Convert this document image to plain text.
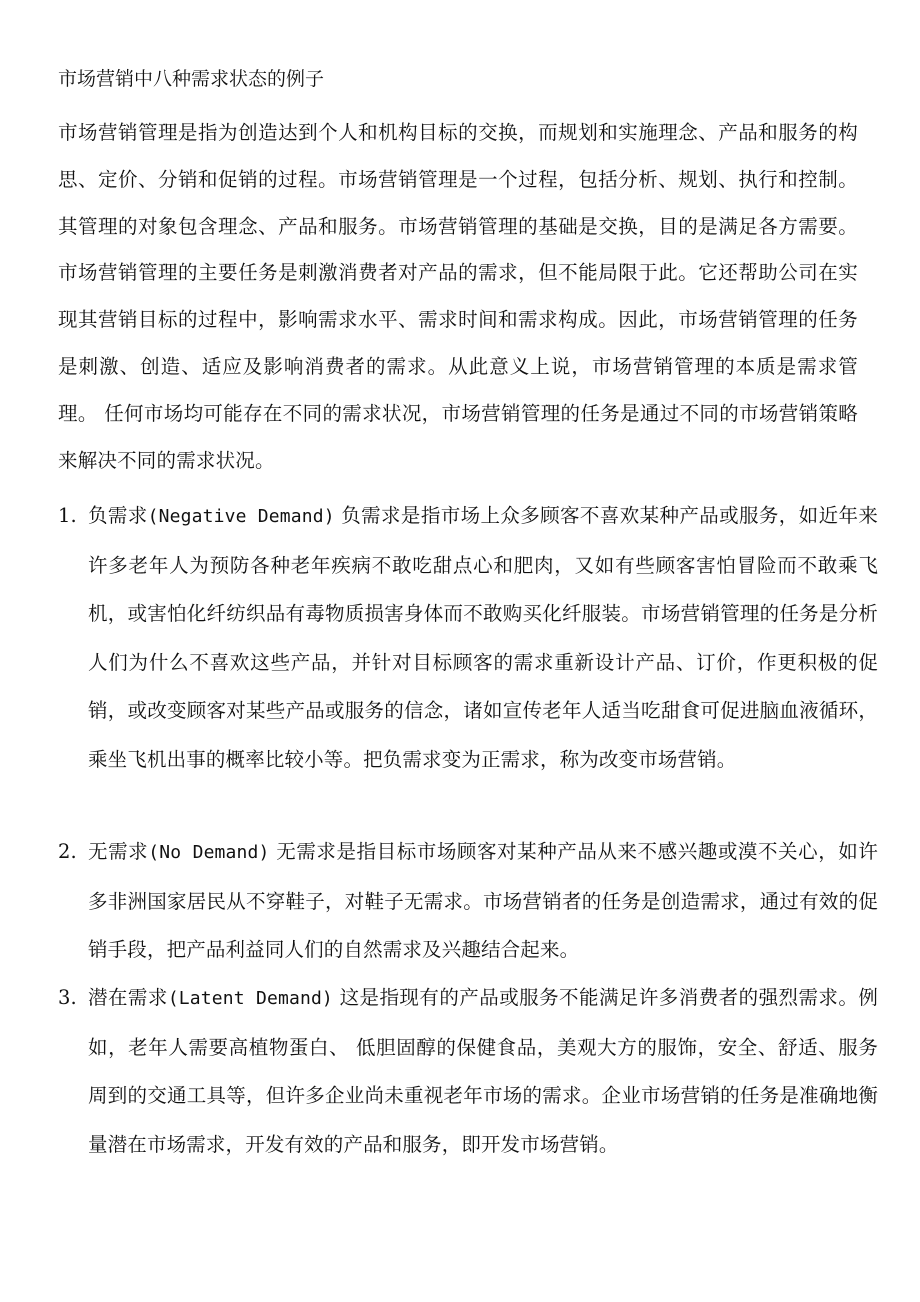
市场营销中八种需求状态的例子
市场营销管理是指为创造达到个人和机构目标的交换，而规划和实施理念、产品和服务的构思、定价、分销和促销的过程。市场营销管理是一个过程，包括分析、规划、执行和控制。其管理的对象包含理念、产品和服务。市场营销管理的基础是交换，目的是满足各方需要。 市场营销管理的主要任务是刺激消费者对产品的需求，但不能局限于此。它还帮助公司在实现其营销目标的过程中，影响需求水平、需求时间和需求构成。因此，市场营销管理的任务是刺激、创造、适应及影响消费者的需求。从此意义上说，市场营销管理的本质是需求管理。 任何市场均可能存在不同的需求状况，市场营销管理的任务是通过不同的市场营销策略来解决不同的需求状况。
1. 负需求(Negative Demand) 负需求是指市场上众多顾客不喜欢某种产品或服务，如近年来许多老年人为预防各种老年疾病不敢吃甜点心和肥肉，又如有些顾客害怕冒险而不敢乘飞机，或害怕化纤纺织品有毒物质损害身体而不敢购买化纤服装。市场营销管理的任务是分析人们为什么不喜欢这些产品，并针对目标顾客的需求重新设计产品、订价，作更积极的促销，或改变顾客对某些产品或服务的信念，诸如宣传老年人适当吃甜食可促进脑血液循环，乘坐飞机出事的概率比较小等。把负需求变为正需求，称为改变市场营销。
2. 无需求(No Demand) 无需求是指目标市场顾客对某种产品从来不感兴趣或漠不关心，如许多非洲国家居民从不穿鞋子，对鞋子无需求。市场营销者的任务是创造需求，通过有效的促销手段，把产品利益同人们的自然需求及兴趣结合起来。
3. 潜在需求(Latent Demand) 这是指现有的产品或服务不能满足许多消费者的强烈需求。例如，老年人需要高植物蛋白、 低胆固醇的保健食品，美观大方的服饰，安全、舒适、服务周到的交通工具等，但许多企业尚未重视老年市场的需求。企业市场营销的任务是准确地衡量潜在市场需求，开发有效的产品和服务，即开发市场营销。
